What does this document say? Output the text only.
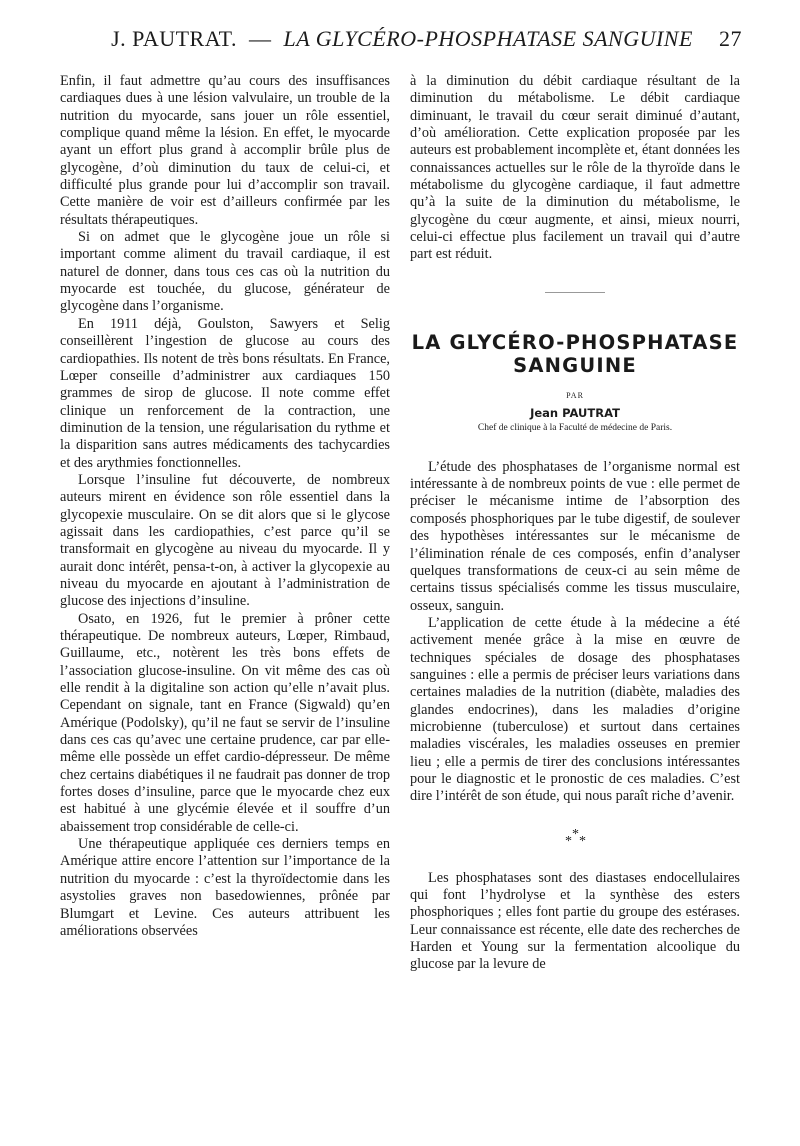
J. PAUTRAT. — LA GLYCÉRO-PHOSPHATASE SANGUINE 27

Enfin, il faut admettre qu’au cours des insuffisances cardiaques dues à une lésion valvulaire, un trouble de la nutrition du myocarde, sans jouer un rôle essentiel, complique quand même la lésion. En effet, le myocarde ayant un effort plus grand à accomplir brûle plus de glycogène, d’où diminution du taux de celui-ci, et difficulté plus grande pour lui d’accomplir son travail. Cette manière de voir est d’ailleurs confirmée par les résultats thérapeutiques.

Si on admet que le glycogène joue un rôle si important comme aliment du travail cardiaque, il est naturel de donner, dans tous ces cas où la nutrition du myocarde est touchée, du glucose, générateur de glycogène dans l’organisme.

En 1911 déjà, Goulston, Sawyers et Selig conseillèrent l’ingestion de glucose au cours des cardiopathies. Ils notent de très bons résultats. En France, Lœper conseille d’administrer aux cardiaques 150 grammes de sirop de glucose. Il note comme effet clinique un renforcement de la contraction, une diminution de la tension, une régularisation du rythme et la disparition sans autres médicaments des tachycardies et des arythmies fonctionnelles.

Lorsque l’insuline fut découverte, de nombreux auteurs mirent en évidence son rôle essentiel dans la glycopexie musculaire. On se dit alors que si le glycose agissait dans les cardiopathies, c’est parce qu’il se transformait en glycogène au niveau du myocarde. Il y aurait donc intérêt, pensa-t-on, à activer la glycopexie au niveau du myocarde en ajoutant à l’administration de glucose des injections d’insuline.

Osato, en 1926, fut le premier à prôner cette thérapeutique. De nombreux auteurs, Lœper, Rimbaud, Guillaume, etc., notèrent les très bons effets de l’association glucose-insuline. On vit même des cas où elle rendit à la digitaline son action qu’elle n’avait plus. Cependant on signale, tant en France (Sigwald) qu’en Amérique (Podolsky), qu’il ne faut se servir de l’insuline dans ces cas qu’avec une certaine prudence, car par elle-même elle possède un effet cardio-dépresseur. De même chez certains diabétiques il ne faudrait pas donner de trop fortes doses d’insuline, parce que le myocarde chez eux est habitué à une glycémie élevée et il souffre d’un abaissement trop considérable de celle-ci.

Une thérapeutique appliquée ces derniers temps en Amérique attire encore l’attention sur l’importance de la nutrition du myocarde : c’est la thyroïdectomie dans les asystolies graves non basedowiennes, prônée par Blumgart et Levine. Ces auteurs attribuent les améliorations observées

à la diminution du débit cardiaque résultant de la diminution du métabolisme. Le débit cardiaque diminuant, le travail du cœur serait diminué d’autant, d’où amélioration. Cette explication proposée par les auteurs est probablement incomplète et, étant données les connaissances actuelles sur le rôle de la thyroïde dans le métabolisme du glycogène cardiaque, il faut admettre qu’à la suite de la diminution du métabolisme, le glycogène du cœur augmente, et ainsi, mieux nourri, celui-ci effectue plus facilement un travail qui d’autre part est réduit.

LA GLYCÉRO-PHOSPHATASE
SANGUINE
PAR
Jean PAUTRAT
Chef de clinique à la Faculté de médecine de Paris.

L’étude des phosphatases de l’organisme normal est intéressante à de nombreux points de vue : elle permet de préciser le mécanisme intime de l’absorption des composés phosphoriques par le tube digestif, de soulever des hypothèses intéressantes sur le mécanisme de l’élimination rénale de ces composés, enfin d’analyser quelques transformations de ceux-ci au sein même de certains tissus spécialisés comme les tissus musculaire, osseux, sanguin.

L’application de cette étude à la médecine a été activement menée grâce à la mise en œuvre de techniques spéciales de dosage des phosphatases sanguines : elle a permis de préciser leurs variations dans certaines maladies de la nutrition (diabète, maladies des glandes endocrines), dans les maladies d’origine microbienne (tuberculose) et surtout dans certaines maladies viscérales, les maladies osseuses en premier lieu ; elle a permis de tirer des conclusions intéressantes pour le diagnostic et le pronostic de ces maladies. C’est dire l’intérêt de son étude, qui nous paraît riche d’avenir.

*
* *

Les phosphatases sont des diastases endocellulaires qui font l’hydrolyse et la synthèse des esters phosphoriques ; elles font partie du groupe des estérases. Leur connaissance est récente, elle date des recherches de Harden et Young sur la fermentation alcoolique du glucose par la levure de
